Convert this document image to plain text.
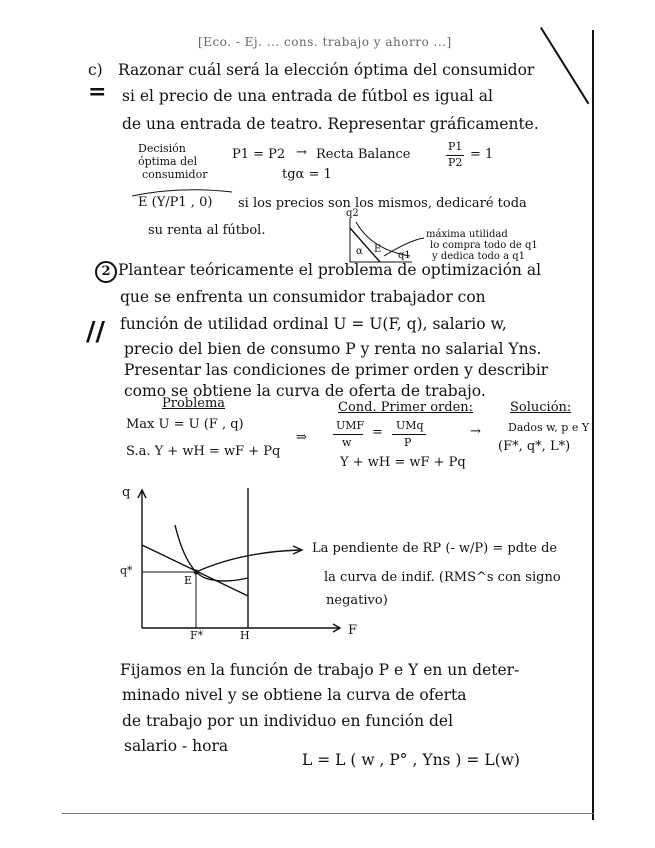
[Eco. - Ej. ... cons. trabajo y ahorro ...]
c)
=
Razonar cuál será la elección óptima del consumidor
si el precio de una entrada de fútbol es igual al
de una entrada de teatro. Representar gráficamente.
Decisión
óptima del
consumidor
P1 = P2 → Recta Balance
P1
P2
= 1
tgα = 1
E (Y/P1 , 0) si los precios son los mismos, dedicaré toda
su renta al fútbol.
q2
q1
E
α
máxima utilidad
lo compra todo de q1
y dedica todo a q1
2 Plantear teóricamente el problema de optimización al
que se enfrenta un consumidor trabajador con
// función de utilidad ordinal U = U(F, q), salario w,
precio del bien de consumo P y renta no salarial Yns.
Presentar las condiciones de primer orden y describir
como se obtiene la curva de oferta de trabajo.
Problema
Max U = U (F , q)
S.a. Y + wH = wF + Pq
⇒
Cond. Primer orden:
UMF
w
= UMq
P
Y + wH = wF + Pq
→
Solución:
Dados w, p e Y
(F*, q*, L*)
q
F
q*
E
F*	H
La pendiente de RP (- w/P) = pdte de
la curva de indif. (RMS^s con signo
negativo)
Fijamos en la función de trabajo P e Y en un deter-
minado nivel y se obtiene la curva de oferta
de trabajo por un individuo en función del
salario - hora
L = L ( w , P° , Yns ) = L(w)
